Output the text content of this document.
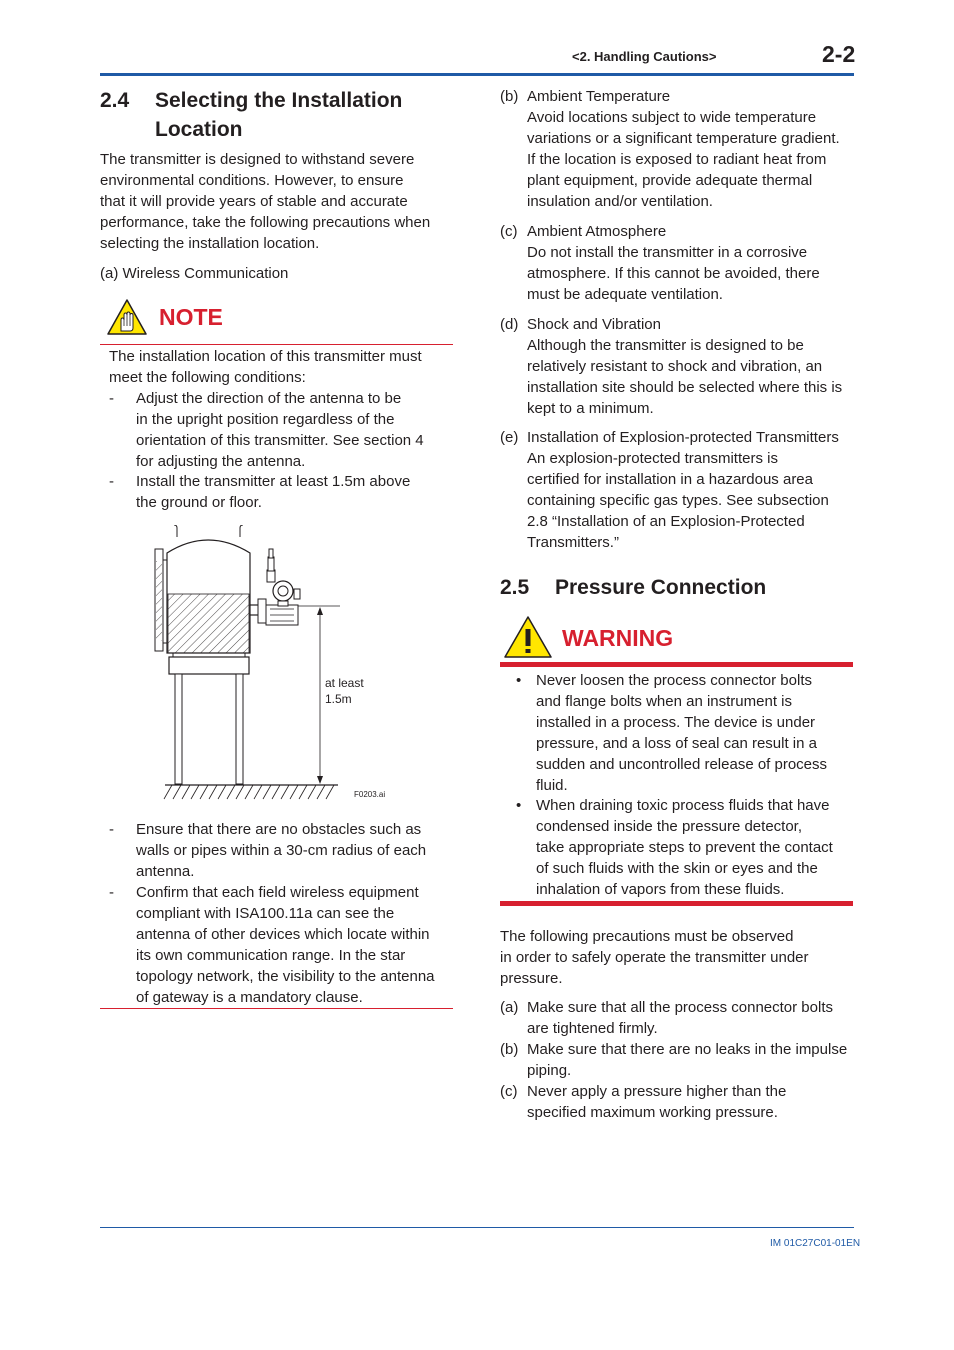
<2. Handling Cautions>	2-2
2.4 Selecting the Installation
Location
The transmitter is designed to withstand severe
environmental conditions. However, to ensure
that it will provide years of stable and accurate
performance, take the following precautions when
selecting the installation location.
(a) Wireless Communication
NOTE
The installation location of this transmitter must
meet the following conditions:
- Adjust the direction of the antenna to be
in the upright position regardless of the
orientation of this transmitter. See section 4
for adjusting the antenna.
- Install the transmitter at least 1.5m above
the ground or floor.
at least
1.5m
F0203.ai
- Ensure that there are no obstacles such as
walls or pipes within a 30-cm radius of each
antenna.
- Confirm that each field wireless equipment
compliant with ISA100.11a can see the
antenna of other devices which locate within
its own communication range. In the star
topology network, the visibility to the antenna
of gateway is a mandatory clause.
(b) Ambient Temperature
Avoid locations subject to wide temperature
variations or a significant temperature gradient.
If the location is exposed to radiant heat from
plant equipment, provide adequate thermal
insulation and/or ventilation.
(c) Ambient Atmosphere
Do not install the transmitter in a corrosive
atmosphere. If this cannot be avoided, there
must be adequate ventilation.
(d) Shock and Vibration
Although the transmitter is designed to be
relatively resistant to shock and vibration, an
installation site should be selected where this is
kept to a minimum.
(e) Installation of Explosion-protected Transmitters
An explosion-protected transmitters is
certified for installation in a hazardous area
containing specific gas types. See subsection
2.8 “Installation of an Explosion-Protected
Transmitters.”
2.5 Pressure Connection
WARNING
• Never loosen the process connector bolts
and flange bolts when an instrument is
installed in a process. The device is under
pressure, and a loss of seal can result in a
sudden and uncontrolled release of process
fluid.
• When draining toxic process fluids that have
condensed inside the pressure detector,
take appropriate steps to prevent the contact
of such fluids with the skin or eyes and the
inhalation of vapors from these fluids.
The following precautions must be observed
in order to safely operate the transmitter under
pressure.
(a) Make sure that all the process connector bolts
are tightened firmly.
(b) Make sure that there are no leaks in the impulse
piping.
(c) Never apply a pressure higher than the
specified maximum working pressure.
IM 01C27C01-01EN
